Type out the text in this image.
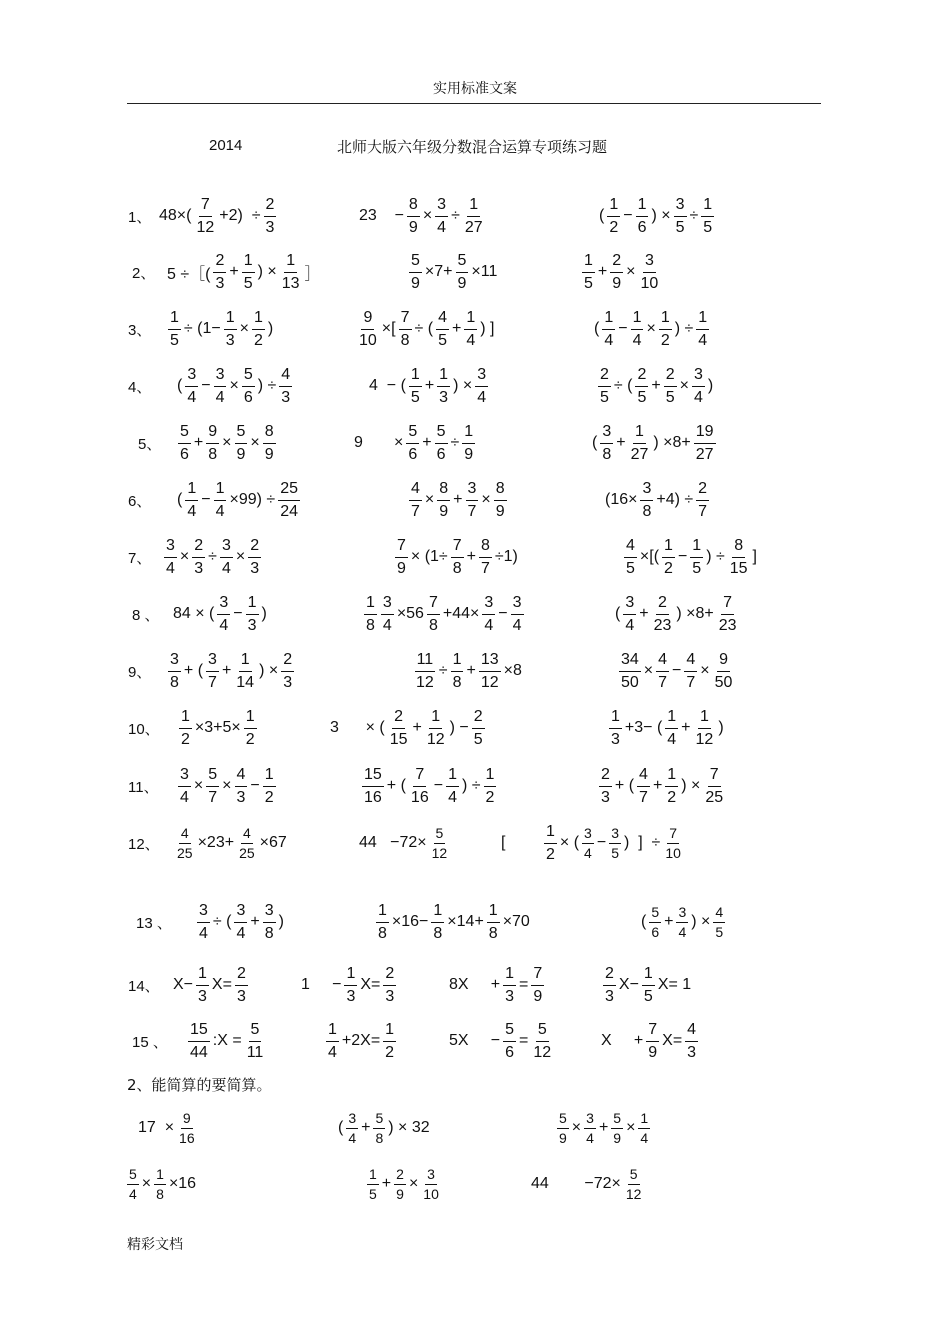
实用标准文案
2014	北师大版六年级分数混合运算专项练习题
1、 $48\times( \frac{7}{12} +2) \div \frac{2}{3}$	23    − $\frac{8}{9} \times \frac{3}{4} \div \frac{1}{27}$	( $\frac{1}{2} - \frac{1}{6}$ ) × $\frac{3}{5} \div \frac{1}{5}$
2、 5 ÷［( $\frac{2}{3} + \frac{1}{5}$ ) × $\frac{1}{13}$ ］	$\frac{5}{9} \times 7+ \frac{5}{9} \times 11$	$\frac{1}{5} + \frac{2}{9} \times \frac{3}{10}$
3、 $\frac{1}{5} \div (1- \frac{1}{3} \times \frac{1}{2}$ )	$\frac{9}{10}$ ×[ $\frac{7}{8}$ ÷ ( $\frac{4}{5} + \frac{1}{4}$ ) ]	( $\frac{1}{4} - \frac{1}{4} \times \frac{1}{2}$ ) ÷ $\frac{1}{4}$
4、 ( $\frac{3}{4} - \frac{3}{4} \times \frac{5}{6}$ ) ÷ $\frac{4}{3}$	4  − ( $\frac{1}{5} + \frac{1}{3}$ ) × $\frac{3}{4}$	$\frac{2}{5}$ ÷ ( $\frac{2}{5} + \frac{2}{5} \times \frac{3}{4}$ )
5、 $\frac{5}{6} + \frac{9}{8} \times \frac{5}{9} \times \frac{8}{9}$	9       × $\frac{5}{6} + \frac{5}{6} \div \frac{1}{9}$	( $\frac{3}{8} + \frac{1}{27}$ ) $\times 8+ \frac{19}{27}$
6、 ( $\frac{1}{4} - \frac{1}{4} \times 99) \div \frac{25}{24}$	$\frac{4}{7} \times \frac{8}{9} + \frac{3}{7} \times \frac{8}{9}$	$(16\times \frac{3}{8} +4) \div \frac{2}{7}$
7、 $\frac{3}{4} \times \frac{2}{3} \div \frac{3}{4} \times \frac{2}{3}$	$\frac{7}{9} \times (1\div \frac{7}{8} + \frac{8}{7} \div 1)$	$\frac{4}{5}$ ×[( $\frac{1}{2} - \frac{1}{5}$ ) ÷ $\frac{8}{15}$ ]
8 、 84 × ( $\frac{3}{4} - \frac{1}{3}$ )	$\frac{1}{8} \frac{3}{4} \times 56 \frac{7}{8} +44\times \frac{3}{4} - \frac{3}{4}$	( $\frac{3}{4} + \frac{2}{23}$ ) $\times 8+ \frac{7}{23}$
9、 $\frac{3}{8}$ + ( $\frac{3}{7} + \frac{1}{14}$ ) × $\frac{2}{3}$	$\frac{11}{12} \div \frac{1}{8} + \frac{13}{12} \times 8$	$\frac{34}{50} \times \frac{4}{7} - \frac{4}{7} \times \frac{9}{50}$
10、 $\frac{1}{2} \times 3+5\times \frac{1}{2}$	3      × ( $\frac{2}{15} + \frac{1}{12}$ ) − $\frac{2}{5}$	$\frac{1}{3} +3-$ ( $\frac{1}{4} + \frac{1}{12}$ )
11、 $\frac{3}{4} \times \frac{5}{7} \times \frac{4}{3} - \frac{1}{2}$	$\frac{15}{16}$ + ( $\frac{7}{16} - \frac{1}{4}$ ) ÷ $\frac{1}{2}$	$\frac{2}{3}$ + ( $\frac{4}{7} + \frac{1}{2}$ ) × $\frac{7}{25}$
12、 $\frac{4}{25} \times 23+ \frac{4}{25} \times 67$	$44 -72\times \frac{5}{12}$	[ $\frac{1}{2}$ × ( $\frac{3}{4} - \frac{3}{5}$ )  ]  ÷ $\frac{7}{10}$
13 、 $\frac{3}{4}$ ÷ ( $\frac{3}{4} + \frac{3}{8}$ )	$\frac{1}{8} \times 16- \frac{1}{8} \times 14+ \frac{1}{8} \times 70$	( $\frac{5}{6} + \frac{3}{4}$ ) × $\frac{4}{5}$
14、 $X- \frac{1}{3} X= \frac{2}{3}$	1     − $\frac{1}{3} X= \frac{2}{3}$	8X     + $\frac{1}{3} = \frac{7}{9}$	$\frac{2}{3} X- \frac{1}{5} X= 1$
15 、 $\frac{15}{44}$ :X = $\frac{5}{11}$	$\frac{1}{4} +2X= \frac{1}{2}$	5X     − $\frac{5}{6} = \frac{5}{12}$	X     + $\frac{7}{9} X= \frac{4}{3}$
$17 \times \frac{9}{16}$	( $\frac{3}{4} + \frac{5}{8}$ ) × 32	$\frac{5}{9} \times \frac{3}{4} + \frac{5}{9} \times \frac{1}{4}$
$\frac{5}{4} \times \frac{1}{8} \times 16$	$\frac{1}{5} + \frac{2}{9} \times \frac{3}{10}$	44        $-72\times \frac{5}{12}$
2、能简算的要简算。
精彩文档
